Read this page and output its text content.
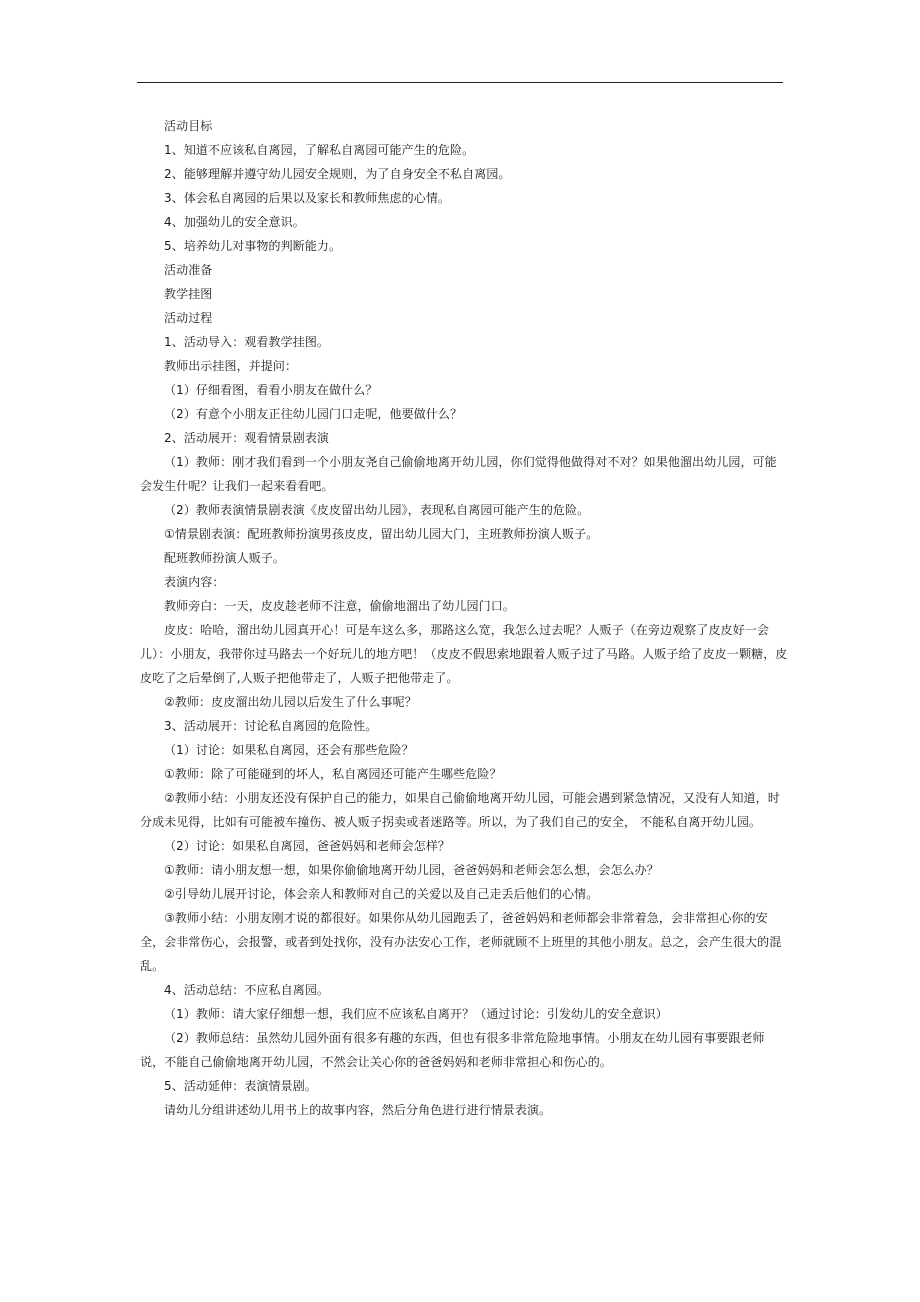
活动目标

1、知道不应该私自离园，了解私自离园可能产生的危险。

2、能够理解并遵守幼儿园安全规则，为了自身安全不私自离园。

3、体会私自离园的后果以及家长和教师焦虑的心情。

4、加强幼儿的安全意识。

5、培养幼儿对事物的判断能力。

活动准备

教学挂图

活动过程

1、活动导入：观看教学挂图。

教师出示挂图，并提问：

（1）仔细看图，看看小朋友在做什么？

（2）有意个小朋友正往幼儿园门口走呢，他要做什么？

2、活动展开：观看情景剧表演

（1）教师：刚才我们看到一个小朋友尧自己偷偷地离开幼儿园，你们觉得他做得对不对？如果他溜出幼儿园，可能会发生什呢？让我们一起来看看吧。

（2）教师表演情景剧表演《皮皮留出幼儿园》，表现私自离园可能产生的危险。

①情景剧表演：配班教师扮演男孩皮皮，留出幼儿园大门，主班教师扮演人贩子。

配班教师扮演人贩子。

表演内容：

教师旁白：一天，皮皮趁老师不注意，偷偷地溜出了幼儿园门口。

皮皮：哈哈，溜出幼儿园真开心！可是车这么多，那路这么宽，我怎么过去呢？人贩子（在旁边观察了皮皮好一会儿）：小朋友，我带你过马路去一个好玩儿的地方吧！（皮皮不假思索地跟着人贩子过了马路。人贩子给了皮皮一颗糖，皮皮吃了之后晕倒了,人贩子把他带走了，人贩子把他带走了。

②教师：皮皮溜出幼儿园以后发生了什么事呢？

3、活动展开：讨论私自离园的危险性。

（1）讨论：如果私自离园，还会有那些危险？

①教师：除了可能碰到的坏人，私自离园还可能产生哪些危险？

②教师小结：小朋友还没有保护自己的能力，如果自己偷偷地离开幼儿园，可能会遇到紧急情况，又没有人知道，时分成未见得，比如有可能被车撞伤、被人贩子拐卖或者迷路等。所以，为了我们自己的安全， 不能私自离开幼儿园。

（2）讨论：如果私自离园，爸爸妈妈和老师会怎样？

①教师：请小朋友想一想，如果你偷偷地离开幼儿园，爸爸妈妈和老师会怎么想，会怎么办？

②引导幼儿展开讨论，体会亲人和教师对自己的关爱以及自己走丢后他们的心情。

③教师小结：小朋友刚才说的都很好。如果你从幼儿园跑丢了，爸爸妈妈和老师都会非常着急，会非常担心你的安全，会非常伤心，会报警，或者到处找你，没有办法安心工作，老师就顾不上班里的其他小朋友。总之，会产生很大的混乱。

4、活动总结：不应私自离园。

（1）教师：请大家仔细想一想，我们应不应该私自离开？（通过讨论：引发幼儿的安全意识）

（2）教师总结：虽然幼儿园外面有很多有趣的东西，但也有很多非常危险地事情。小朋友在幼儿园有事要跟老师说，不能自己偷偷地离开幼儿园，不然会让关心你的爸爸妈妈和老师非常担心和伤心的。

5、活动延伸：表演情景剧。

请幼儿分组讲述幼儿用书上的故事内容，然后分角色进行进行情景表演。
